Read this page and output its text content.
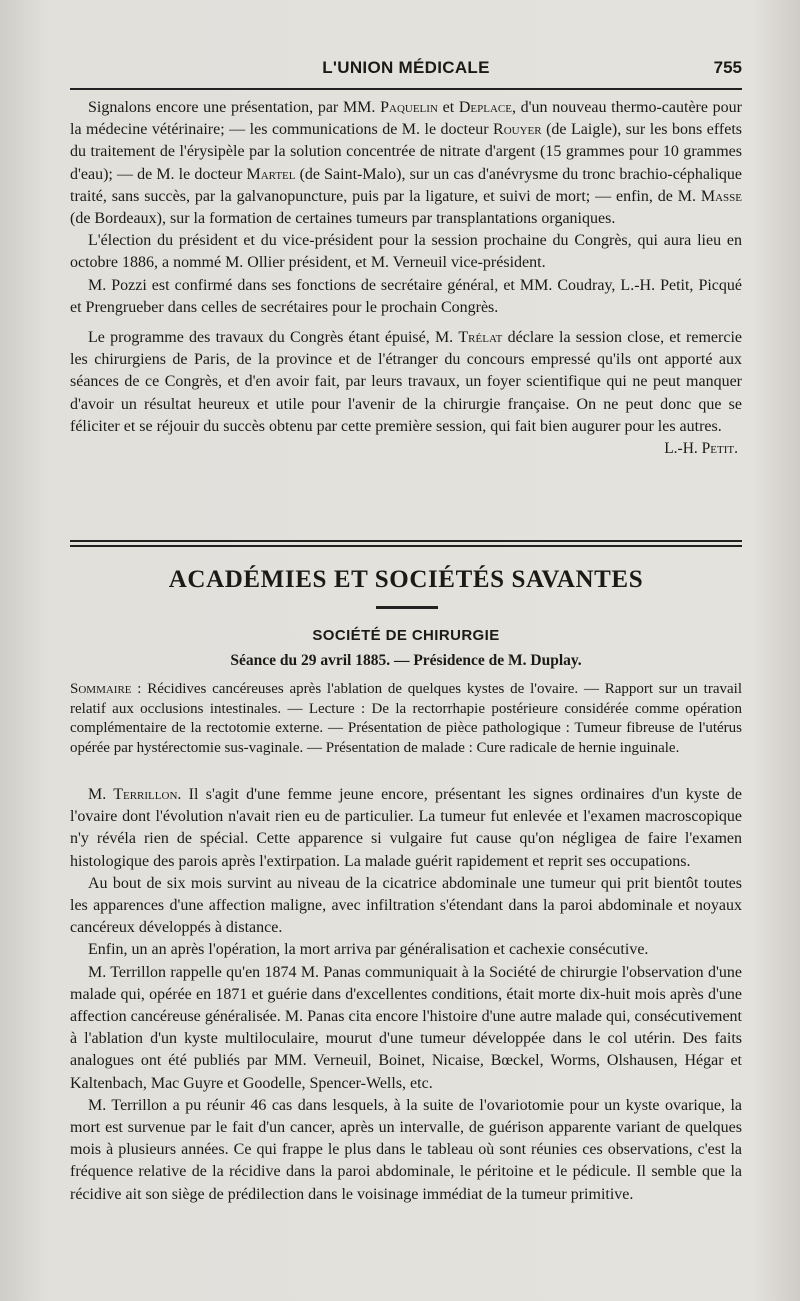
L'UNION MÉDICALE	755

Signalons encore une présentation, par MM. Paquelin et Deplace, d'un nouveau thermo-cautère pour la médecine vétérinaire; — les communications de M. le docteur Rouyer (de Laigle), sur les bons effets du traitement de l'érysipèle par la solution concentrée de nitrate d'argent (15 grammes pour 10 grammes d'eau); — de M. le docteur Martel (de Saint-Malo), sur un cas d'anévrysme du tronc brachio-céphalique traité, sans succès, par la galvanopuncture, puis par la ligature, et suivi de mort; — enfin, de M. Masse (de Bordeaux), sur la formation de certaines tumeurs par transplantations organiques.

L'élection du président et du vice-président pour la session prochaine du Congrès, qui aura lieu en octobre 1886, a nommé M. Ollier président, et M. Verneuil vice-président.

M. Pozzi est confirmé dans ses fonctions de secrétaire général, et MM. Coudray, L.-H. Petit, Picqué et Prengrueber dans celles de secrétaires pour le prochain Congrès.

Le programme des travaux du Congrès étant épuisé, M. Trélat déclare la session close, et remercie les chirurgiens de Paris, de la province et de l'étranger du concours empressé qu'ils ont apporté aux séances de ce Congrès, et d'en avoir fait, par leurs travaux, un foyer scientifique qui ne peut manquer d'avoir un résultat heureux et utile pour l'avenir de la chirurgie française. On ne peut donc que se féliciter et se réjouir du succès obtenu par cette première session, qui fait bien augurer pour les autres.

L.-H. Petit.

ACADÉMIES ET SOCIÉTÉS SAVANTES
SOCIÉTÉ DE CHIRURGIE
Séance du 29 avril 1885. — Présidence de M. Duplay.

Sommaire : Récidives cancéreuses après l'ablation de quelques kystes de l'ovaire. — Rapport sur un travail relatif aux occlusions intestinales. — Lecture : De la rectorrhapie postérieure considérée comme opération complémentaire de la rectotomie externe. — Présentation de pièce pathologique : Tumeur fibreuse de l'utérus opérée par hystérectomie sus-vaginale. — Présentation de malade : Cure radicale de hernie inguinale.

M. Terrillon. Il s'agit d'une femme jeune encore, présentant les signes ordinaires d'un kyste de l'ovaire dont l'évolution n'avait rien eu de particulier. La tumeur fut enlevée et l'examen macroscopique n'y révéla rien de spécial. Cette apparence si vulgaire fut cause qu'on négligea de faire l'examen histologique des parois après l'extirpation. La malade guérit rapidement et reprit ses occupations.

Au bout de six mois survint au niveau de la cicatrice abdominale une tumeur qui prit bientôt toutes les apparences d'une affection maligne, avec infiltration s'étendant dans la paroi abdominale et noyaux cancéreux développés à distance.

Enfin, un an après l'opération, la mort arriva par généralisation et cachexie consécutive.

M. Terrillon rappelle qu'en 1874 M. Panas communiquait à la Société de chirurgie l'observation d'une malade qui, opérée en 1871 et guérie dans d'excellentes conditions, était morte dix-huit mois après d'une affection cancéreuse généralisée. M. Panas cita encore l'histoire d'une autre malade qui, consécutivement à l'ablation d'un kyste multiloculaire, mourut d'une tumeur développée dans le col utérin. Des faits analogues ont été publiés par MM. Verneuil, Boinet, Nicaise, Bœckel, Worms, Olshausen, Hégar et Kaltenbach, Mac Guyre et Goodelle, Spencer-Wells, etc.

M. Terrillon a pu réunir 46 cas dans lesquels, à la suite de l'ovariotomie pour un kyste ovarique, la mort est survenue par le fait d'un cancer, après un intervalle, de guérison apparente variant de quelques mois à plusieurs années. Ce qui frappe le plus dans le tableau où sont réunies ces observations, c'est la fréquence relative de la récidive dans la paroi abdominale, le péritoine et le pédicule. Il semble que la récidive ait son siège de prédilection dans le voisinage immédiat de la tumeur primitive.
